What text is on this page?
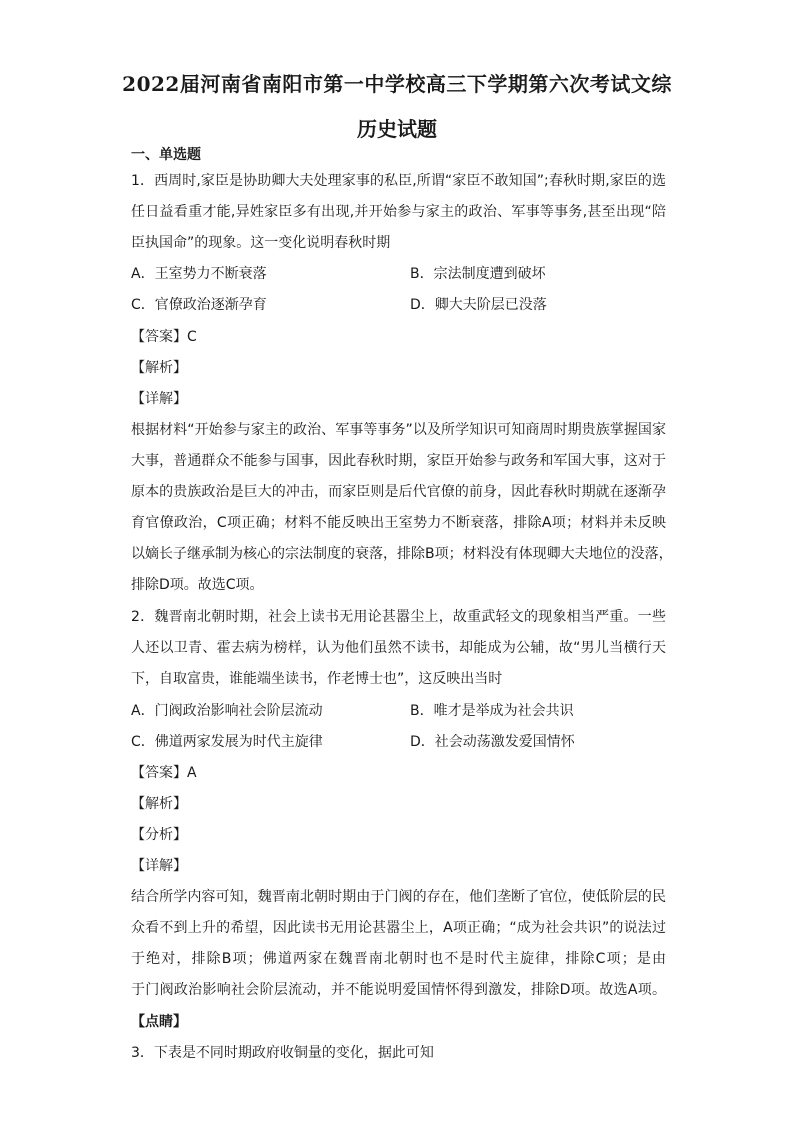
2022届河南省南阳市第一中学校高三下学期第六次考试文综
历史试题
一、单选题
1．西周时,家臣是协助卿大夫处理家事的私臣,所谓“家臣不敢知国”;春秋时期,家臣的选
任日益看重才能,异姓家臣多有出现,并开始参与家主的政治、军事等事务,甚至出现“陪
臣执国命”的现象。这一变化说明春秋时期
A．王室势力不断衰落	B．宗法制度遭到破坏
C．官僚政治逐渐孕育	D．卿大夫阶层已没落
【答案】C
【解析】
【详解】
根据材料“开始参与家主的政治、军事等事务”以及所学知识可知商周时期贵族掌握国家
大事，普通群众不能参与国事，因此春秋时期，家臣开始参与政务和军国大事，这对于
原本的贵族政治是巨大的冲击，而家臣则是后代官僚的前身，因此春秋时期就在逐渐孕
育官僚政治，C项正确；材料不能反映出王室势力不断衰落，排除A项；材料并未反映
以嫡长子继承制为核心的宗法制度的衰落，排除B项；材料没有体现卿大夫地位的没落，
排除D项。故选C项。
2．魏晋南北朝时期，社会上读书无用论甚嚣尘上，故重武轻文的现象相当严重。一些
人还以卫青、霍去病为榜样，认为他们虽然不读书，却能成为公辅，故“男儿当横行天
下，自取富贵，谁能端坐读书，作老博士也”，这反映出当时
A．门阀政治影响社会阶层流动	B．唯才是举成为社会共识
C．佛道两家发展为时代主旋律	D．社会动荡激发爱国情怀
【答案】A
【解析】
【分析】
【详解】
结合所学内容可知，魏晋南北朝时期由于门阀的存在，他们垄断了官位，使低阶层的民
众看不到上升的希望，因此读书无用论甚嚣尘上，A项正确；“成为社会共识”的说法过
于绝对，排除B项；佛道两家在魏晋南北朝时也不是时代主旋律，排除C项；是由
于门阀政治影响社会阶层流动，并不能说明爱国情怀得到激发，排除D项。故选A项。
【点睛】
3．下表是不同时期政府收铜量的变化，据此可知
